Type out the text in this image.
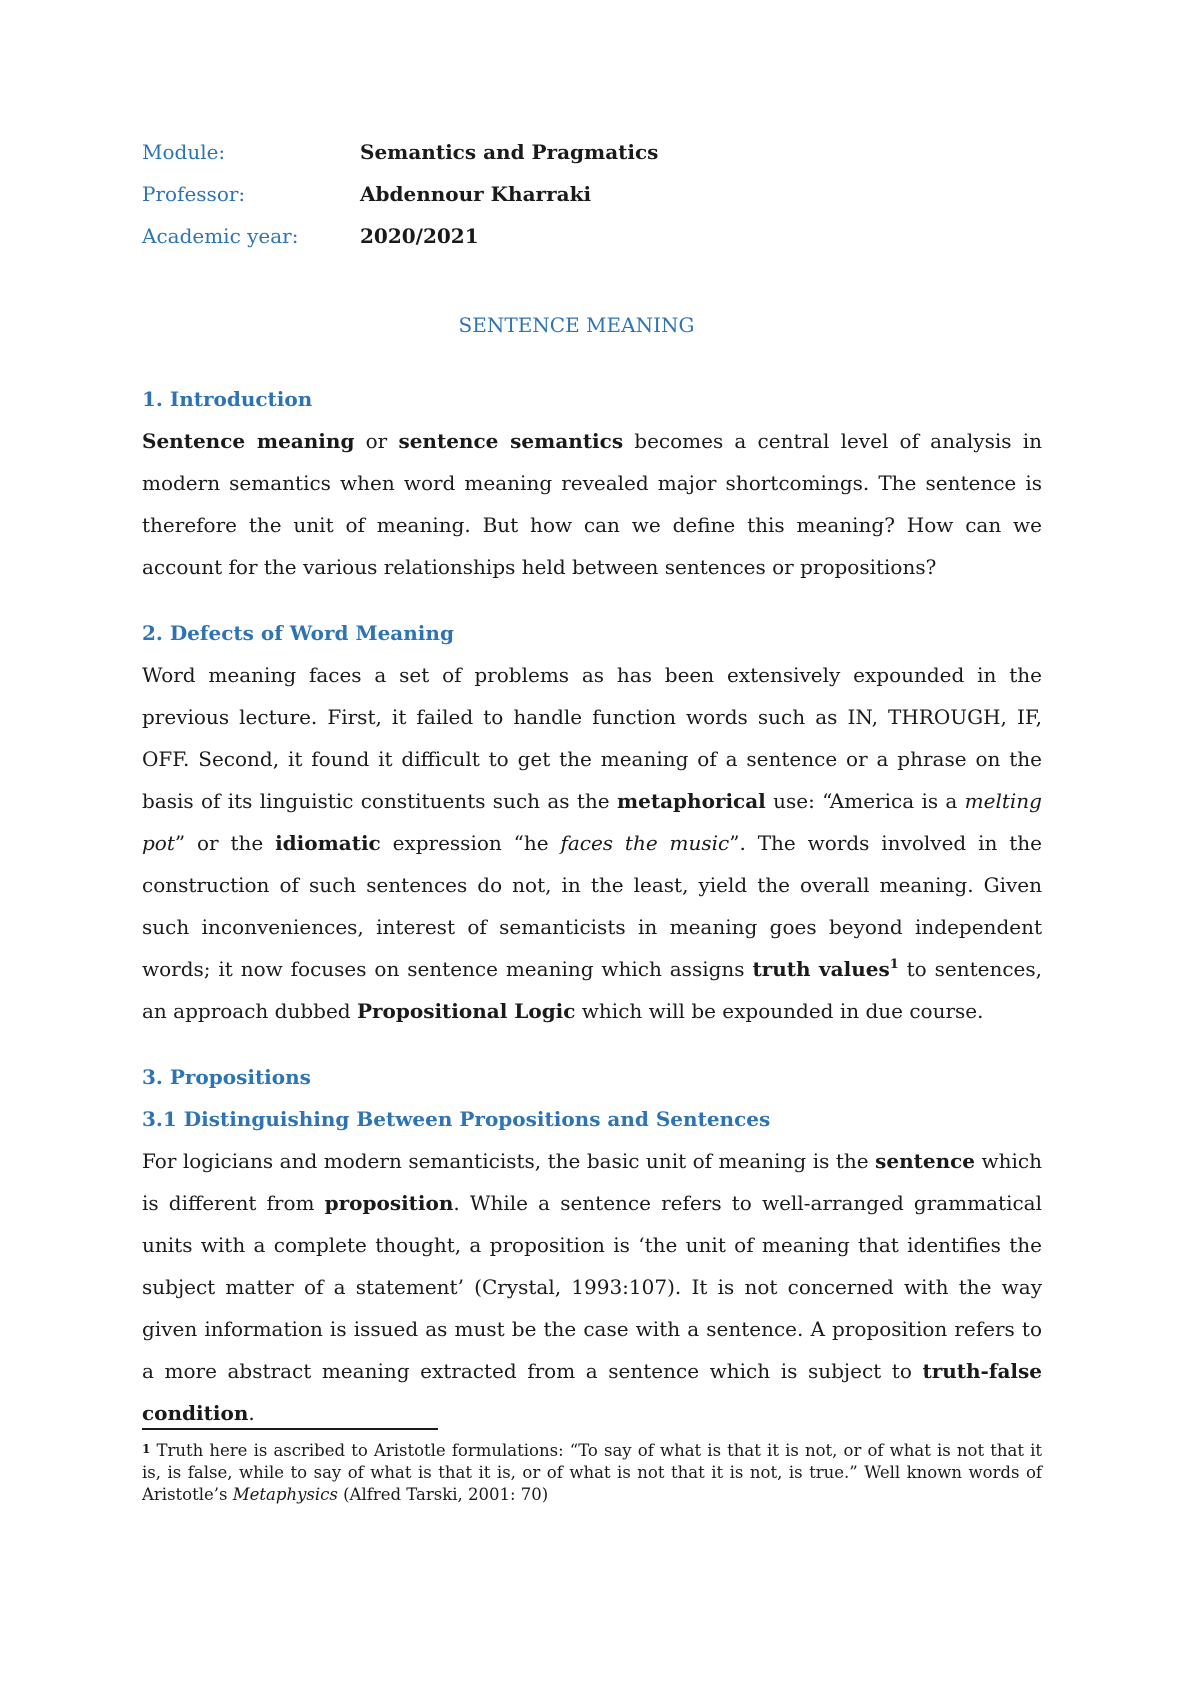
Module:	Semantics and Pragmatics
Professor:	Abdennour Kharraki
Academic year:	2020/2021
SENTENCE MEANING
1. Introduction

Sentence meaning or sentence semantics becomes a central level of analysis in modern semantics when word meaning revealed major shortcomings. The sentence is therefore the unit of meaning. But how can we define this meaning? How can we account for the various relationships held between sentences or propositions?

2. Defects of Word Meaning

Word meaning faces a set of problems as has been extensively expounded in the previous lecture. First, it failed to handle function words such as IN, THROUGH, IF, OFF. Second, it found it difficult to get the meaning of a sentence or a phrase on the basis of its linguistic constituents such as the metaphorical use: “America is a melting pot” or the idiomatic expression “he faces the music”. The words involved in the construction of such sentences do not, in the least, yield the overall meaning. Given such inconveniences, interest of semanticists in meaning goes beyond independent words; it now focuses on sentence meaning which assigns truth values$^1$ to sentences, an approach dubbed Propositional Logic which will be expounded in due course.

3. Propositions
3.1 Distinguishing Between Propositions and Sentences

For logicians and modern semanticists, the basic unit of meaning is the sentence which is different from proposition. While a sentence refers to well-arranged grammatical units with a complete thought, a proposition is ‘the unit of meaning that identifies the subject matter of a statement’ (Crystal, 1993:107). It is not concerned with the way given information is issued as must be the case with a sentence. A proposition refers to a more abstract meaning extracted from a sentence which is subject to truth-false condition.

$^1$ Truth here is ascribed to Aristotle formulations: “To say of what is that it is not, or of what is not that it is, is false, while to say of what is that it is, or of what is not that it is not, is true.” Well known words of Aristotle’s Metaphysics (Alfred Tarski, 2001: 70)
